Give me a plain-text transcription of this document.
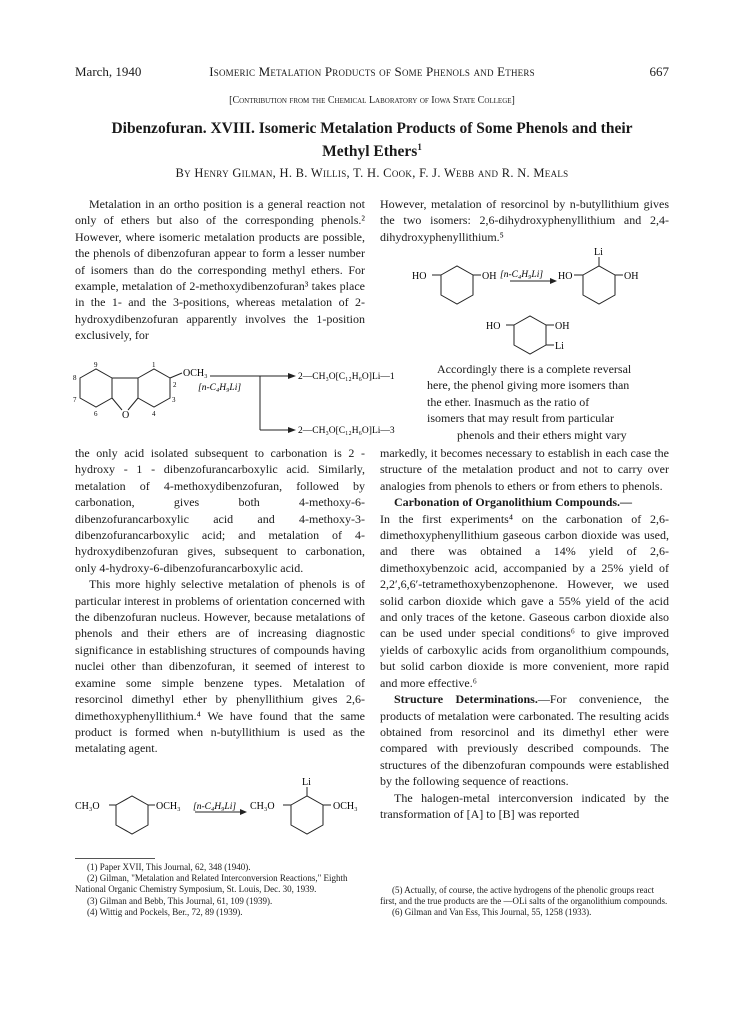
March, 1940	Isomeric Metalation Products of Some Phenols and Ethers	667
[Contribution from the Chemical Laboratory of Iowa State College]
Dibenzofuran. XVIII. Isomeric Metalation Products of Some Phenols and their
Methyl Ethers$^1$
By Henry Gilman, H. B. Willis, T. H. Cook, F. J. Webb and R. N. Meals

Metalation in an ortho position is a general reaction not only of ethers but also of the corresponding phenols.² However, where isomeric metalation products are possible, the phenols of dibenzofuran appear to form a lesser number of isomers than do the corresponding methyl ethers. For example, metalation of 2-methoxydibenzofuran³ takes place in the 1- and the 3-positions, whereas metalation of 2-hydroxydibenzofuran apparently involves the 1-position exclusively, for

O
9	1
2
3
4
6
7
8	OCH₃
[n-C₄H₉Li]
2—CH₃O[C₁₂H₆O]Li—1
2—CH₃O[C₁₂H₆O]Li—3

the only acid isolated subsequent to carbonation is 2 - hydroxy - 1 - dibenzofurancarboxylic acid. Similarly, metalation of 4-methoxydibenzofuran, followed by carbonation, gives both 4-methoxy-6-dibenzofurancarboxylic acid and 4-methoxy-3-dibenzofurancarboxylic acid; and metalation of 4-hydroxydibenzofuran gives, subsequent to carbonation, only 4-hydroxy-6-dibenzofurancarboxylic acid.

This more highly selective metalation of phenols is of particular interest in problems of orientation concerned with the dibenzofuran nucleus. However, because metalations of phenols and their ethers are of increasing diagnostic significance in establishing structures of compounds having nuclei other than dibenzofuran, it seemed of interest to examine some simple benzene types. Metalation of resorcinol dimethyl ether by phenyllithium gives 2,6-dimethoxyphenyllithium.⁴ We have found that the same product is formed when n-butyllithium is used as the metalating agent.

CH₃O	OCH₃ [n-C₄H₉Li] CH₃O	OCH₃
Li

(1) Paper XVII, This Journal, 62, 348 (1940).

(2) Gilman, "Metalation and Related Interconversion Reactions," Eighth National Organic Chemistry Symposium, St. Louis, Dec. 30, 1939.

(3) Gilman and Bebb, This Journal, 61, 109 (1939).

(4) Wittig and Pockels, Ber., 72, 89 (1939).

However, metalation of resorcinol by n-butyllithium gives the two isomers: 2,6-dihydroxyphenyllithium and 2,4-dihydroxyphenyllithium.⁵

HO	OH [n-C₄H₉Li] HO	OH
Li
HO	OH
Li
Accordingly there is a complete reversal
here, the phenol giving more isomers than
the ether. Inasmuch as the ratio of
isomers that may result from particular
phenols and their ethers might vary

markedly, it becomes necessary to establish in each case the structure of the metalation product and not to carry over analogies from phenols to ethers or from ethers to phenols.

Carbonation of Organolithium Compounds.—

In the first experiments⁴ on the carbonation of 2,6-dimethoxyphenyllithium gaseous carbon dioxide was used, and there was obtained a 14% yield of 2,6-dimethoxybenzoic acid, accompanied by a 25% yield of 2,2′,6,6′-tetramethoxybenzophenone. However, we used solid carbon dioxide which gave a 55% yield of the acid and only traces of the ketone. Gaseous carbon dioxide also can be used under special conditions⁶ to give improved yields of carboxylic acids from organolithium compounds, but solid carbon dioxide is more convenient, more rapid and more effective.⁶

Structure Determinations.—For convenience, the products of metalation were carbonated. The resulting acids obtained from resorcinol and its dimethyl ether were compared with previously described compounds. The structures of the dibenzofuran compounds were established by the following sequence of reactions.

The halogen-metal interconversion indicated by the transformation of [A] to [B] was reported

(5) Actually, of course, the active hydrogens of the phenolic groups react first, and the true products are the —OLi salts of the organolithium compounds.

(6) Gilman and Van Ess, This Journal, 55, 1258 (1933).
